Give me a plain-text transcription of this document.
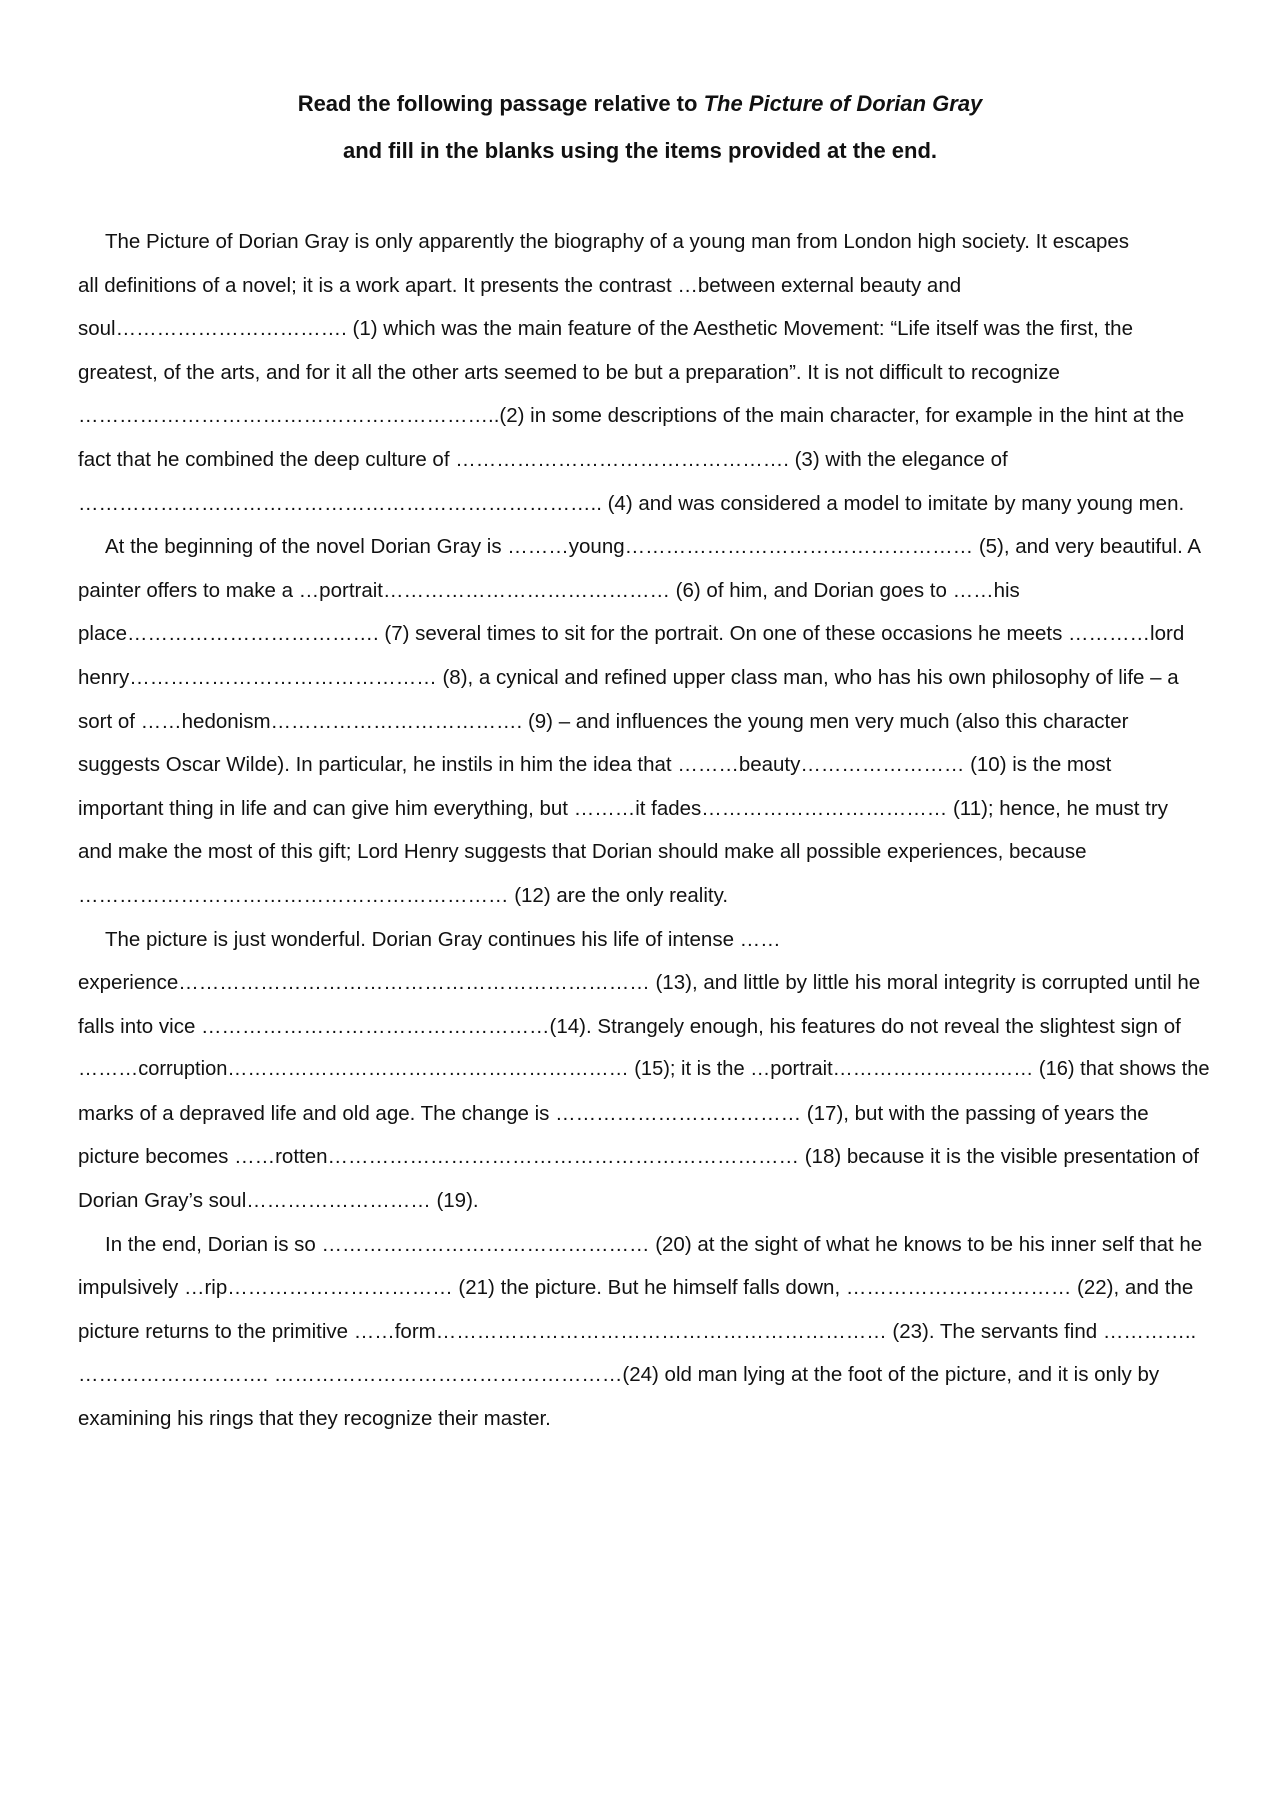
Read the following passage relative to The Picture of Dorian Gray
and fill in the blanks using the items provided at the end.
The Picture of Dorian Gray is only apparently the biography of a young man from London high society. It escapes
all definitions of a novel; it is a work apart. It presents the contrast …between external beauty and
soul……………………………. (1) which was the main feature of the Aesthetic Movement: “Life itself was the first, the
greatest, of the arts, and for it all the other arts seemed to be but a preparation”. It is not difficult to recognize
……………………………………………………..(2) in some descriptions of the main character, for example in the hint at the
fact that he combined the deep culture of …………………………………………. (3) with the elegance of
………………………………………………………………….. (4) and was considered a model to imitate by many young men.
At the beginning of the novel Dorian Gray is ………young…………………………………………… (5), and very beautiful. A
painter offers to make a …portrait…………………………………… (6) of him, and Dorian goes to ……his
place………………………………. (7) several times to sit for the portrait. On one of these occasions he meets …………lord
henry……………………………………… (8), a cynical and refined upper class man, who has his own philosophy of life – a
sort of ……hedonism………………………………. (9) – and influences the young men very much (also this character
suggests Oscar Wilde). In particular, he instils in him the idea that ………beauty…………………… (10) is the most
important thing in life and can give him everything, but ………it fades……………………………… (11); hence, he must try
and make the most of this gift; Lord Henry suggests that Dorian should make all possible experiences, because
……………………………………………………… (12) are the only reality.
The picture is just wonderful. Dorian Gray continues his life of intense ……
experience…………………………………………………………… (13), and little by little his moral integrity is corrupted until he
falls into vice ……………………………………………(14). Strangely enough, his features do not reveal the slightest sign of
………corruption…………………………………………………… (15); it is the …portrait………………………… (16) that shows the
marks of a depraved life and old age. The change is ……………………………… (17), but with the passing of years the
picture becomes ……rotten…………………………………………………………… (18) because it is the visible presentation of
Dorian Gray’s soul……………………… (19).
In the end, Dorian is so ………………………………………… (20) at the sight of what he knows to be his inner self that he
impulsively …rip…………………………… (21) the picture. But he himself falls down, …………………………… (22), and the
picture returns to the primitive ……form………………………………………………………… (23). The servants find …………..
………………………. ……………………………………………(24) old man lying at the foot of the picture, and it is only by
examining his rings that they recognize their master.
